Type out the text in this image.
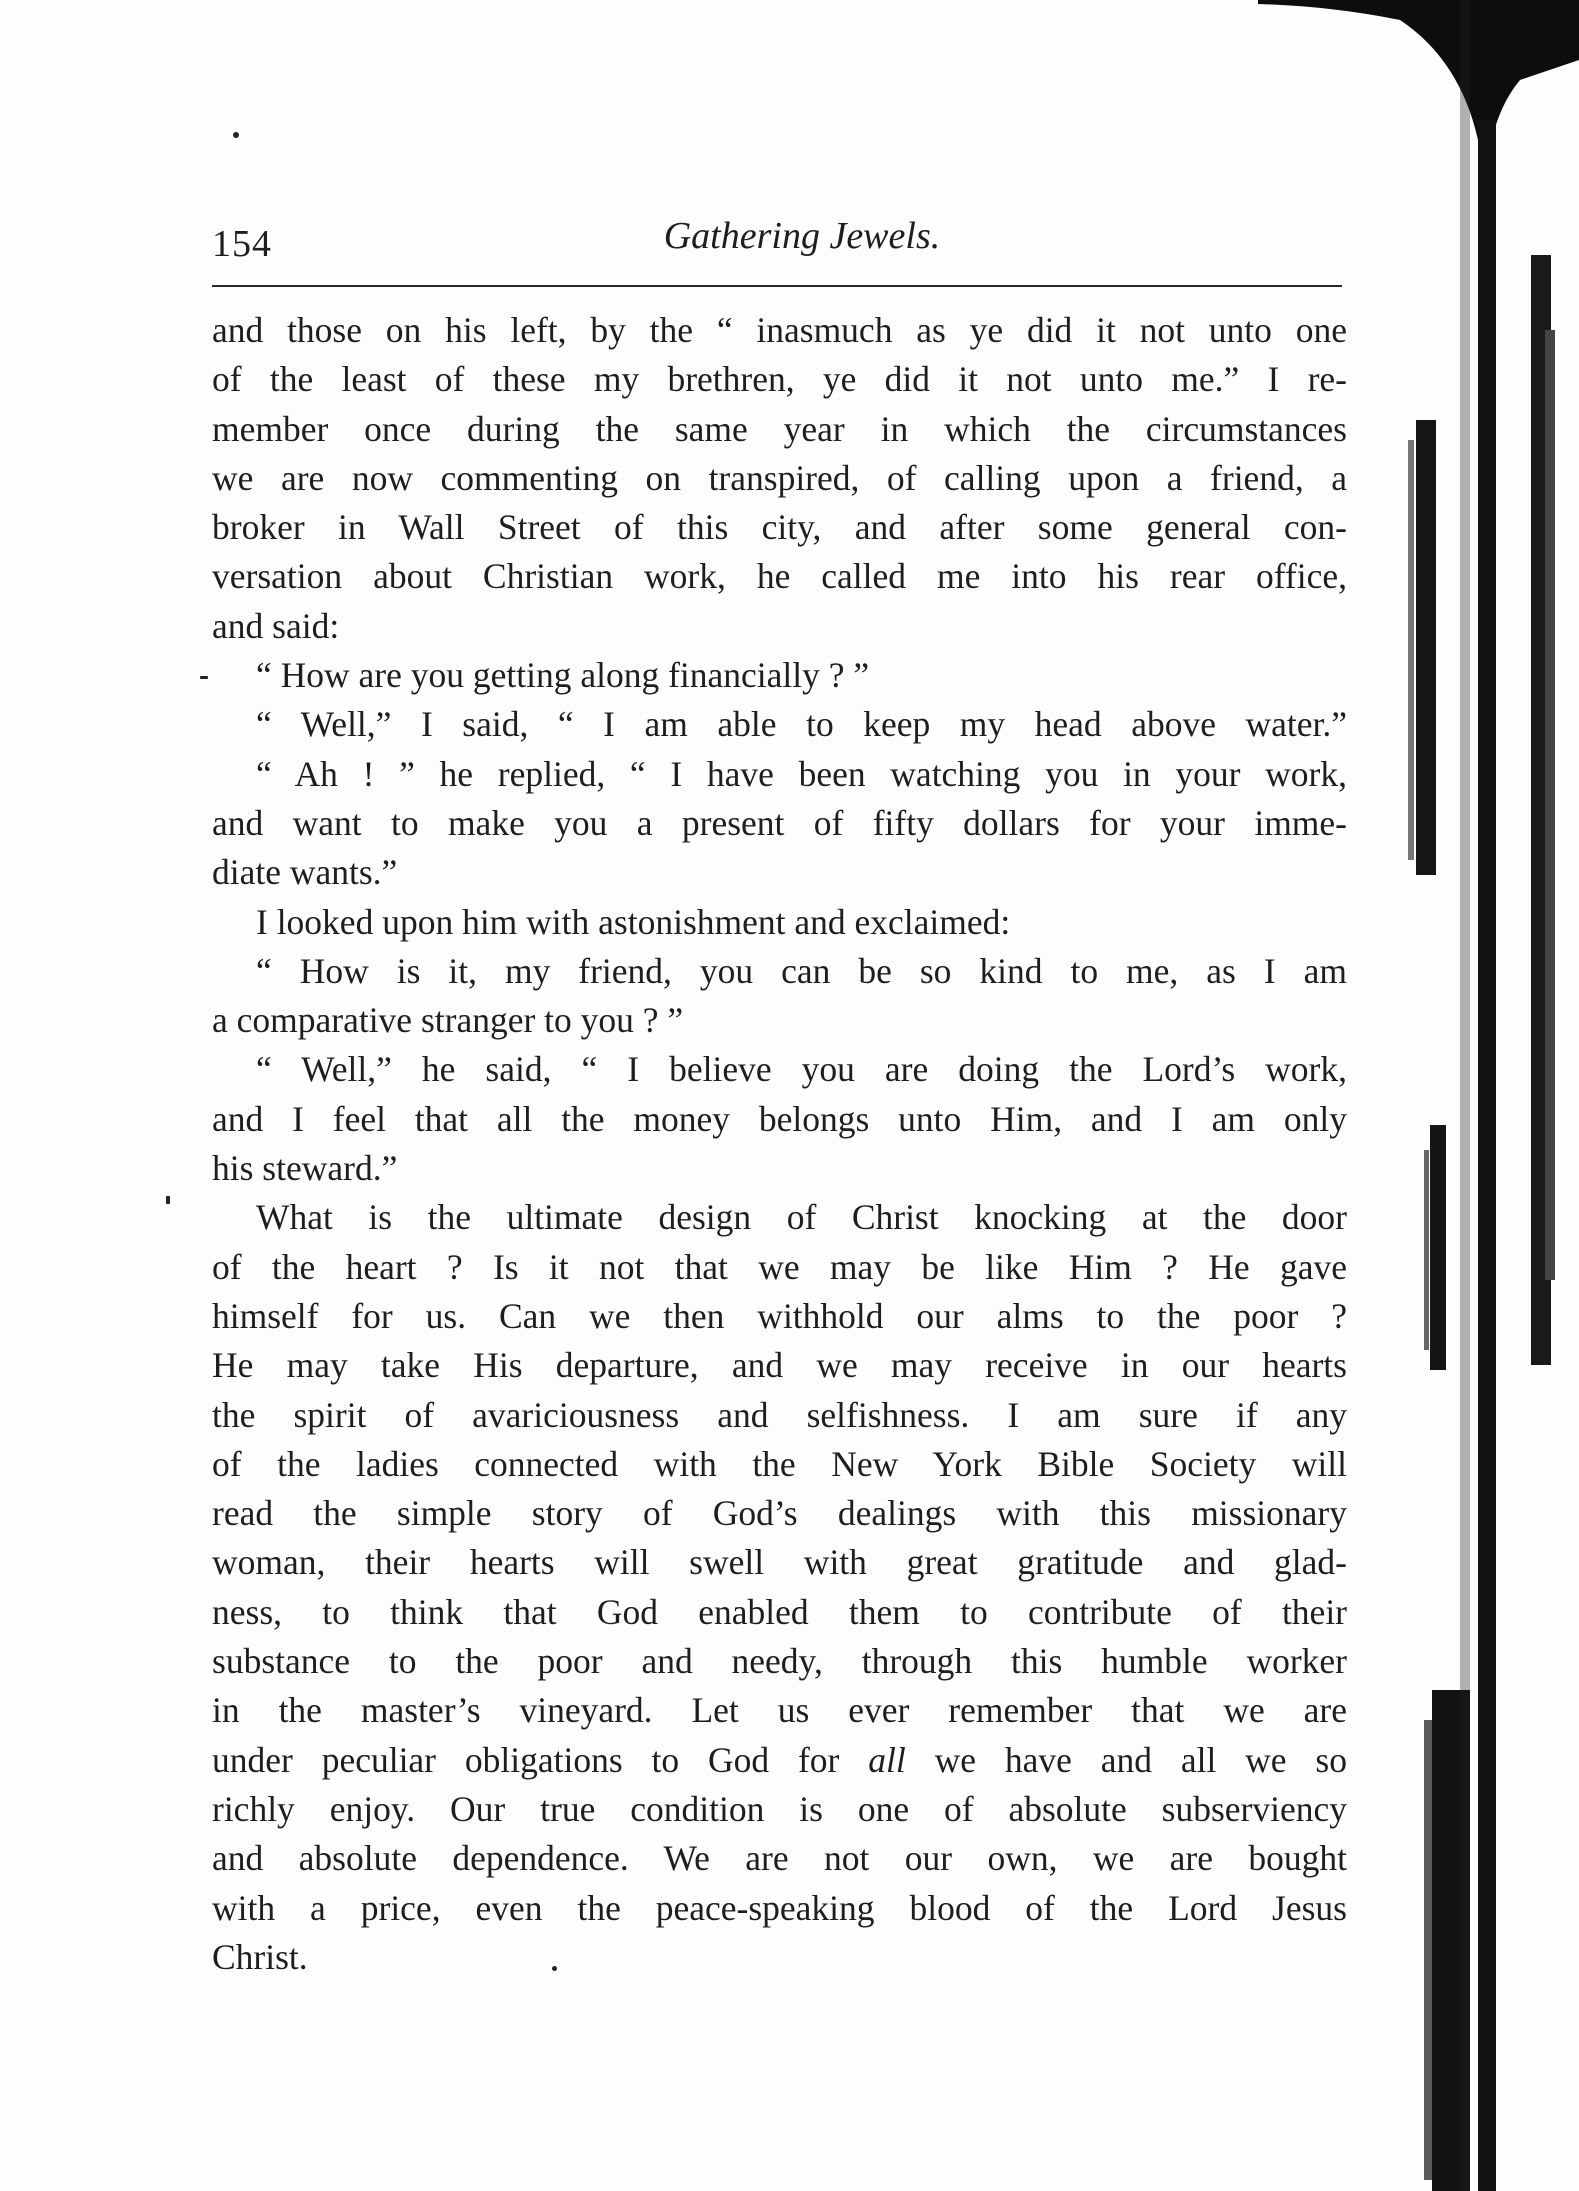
154	Gathering Jewels.
and those on his left, by the “ inasmuch as ye did it not unto one
of the least of these my brethren, ye did it not unto me.” I re-
member once during the same year in which the circumstances
we are now commenting on transpired, of calling upon a friend, a
broker in Wall Street of this city, and after some general con-
versation about Christian work, he called me into his rear office,
and said:
“ How are you getting along financially ? ”
“ Well,” I said, “ I am able to keep my head above water.”
“ Ah ! ” he replied, “ I have been watching you in your work,
and want to make you a present of fifty dollars for your imme-
diate wants.”
I looked upon him with astonishment and exclaimed:
“ How is it, my friend, you can be so kind to me, as I am
a comparative stranger to you ? ”
“ Well,” he said, “ I believe you are doing the Lord’s work,
and I feel that all the money belongs unto Him, and I am only
his steward.”
What is the ultimate design of Christ knocking at the door
of the heart ? Is it not that we may be like Him ? He gave
himself for us. Can we then withhold our alms to the poor ?
He may take His departure, and we may receive in our hearts
the spirit of avariciousness and selfishness. I am sure if any
of the ladies connected with the New York Bible Society will
read the simple story of God’s dealings with this missionary
woman, their hearts will swell with great gratitude and glad-
ness, to think that God enabled them to contribute of their
substance to the poor and needy, through this humble worker
in the master’s vineyard. Let us ever remember that we are
under peculiar obligations to God for all we have and all we so
richly enjoy. Our true condition is one of absolute subserviency
and absolute dependence. We are not our own, we are bought
with a price, even the peace-speaking blood of the Lord Jesus
Christ.
